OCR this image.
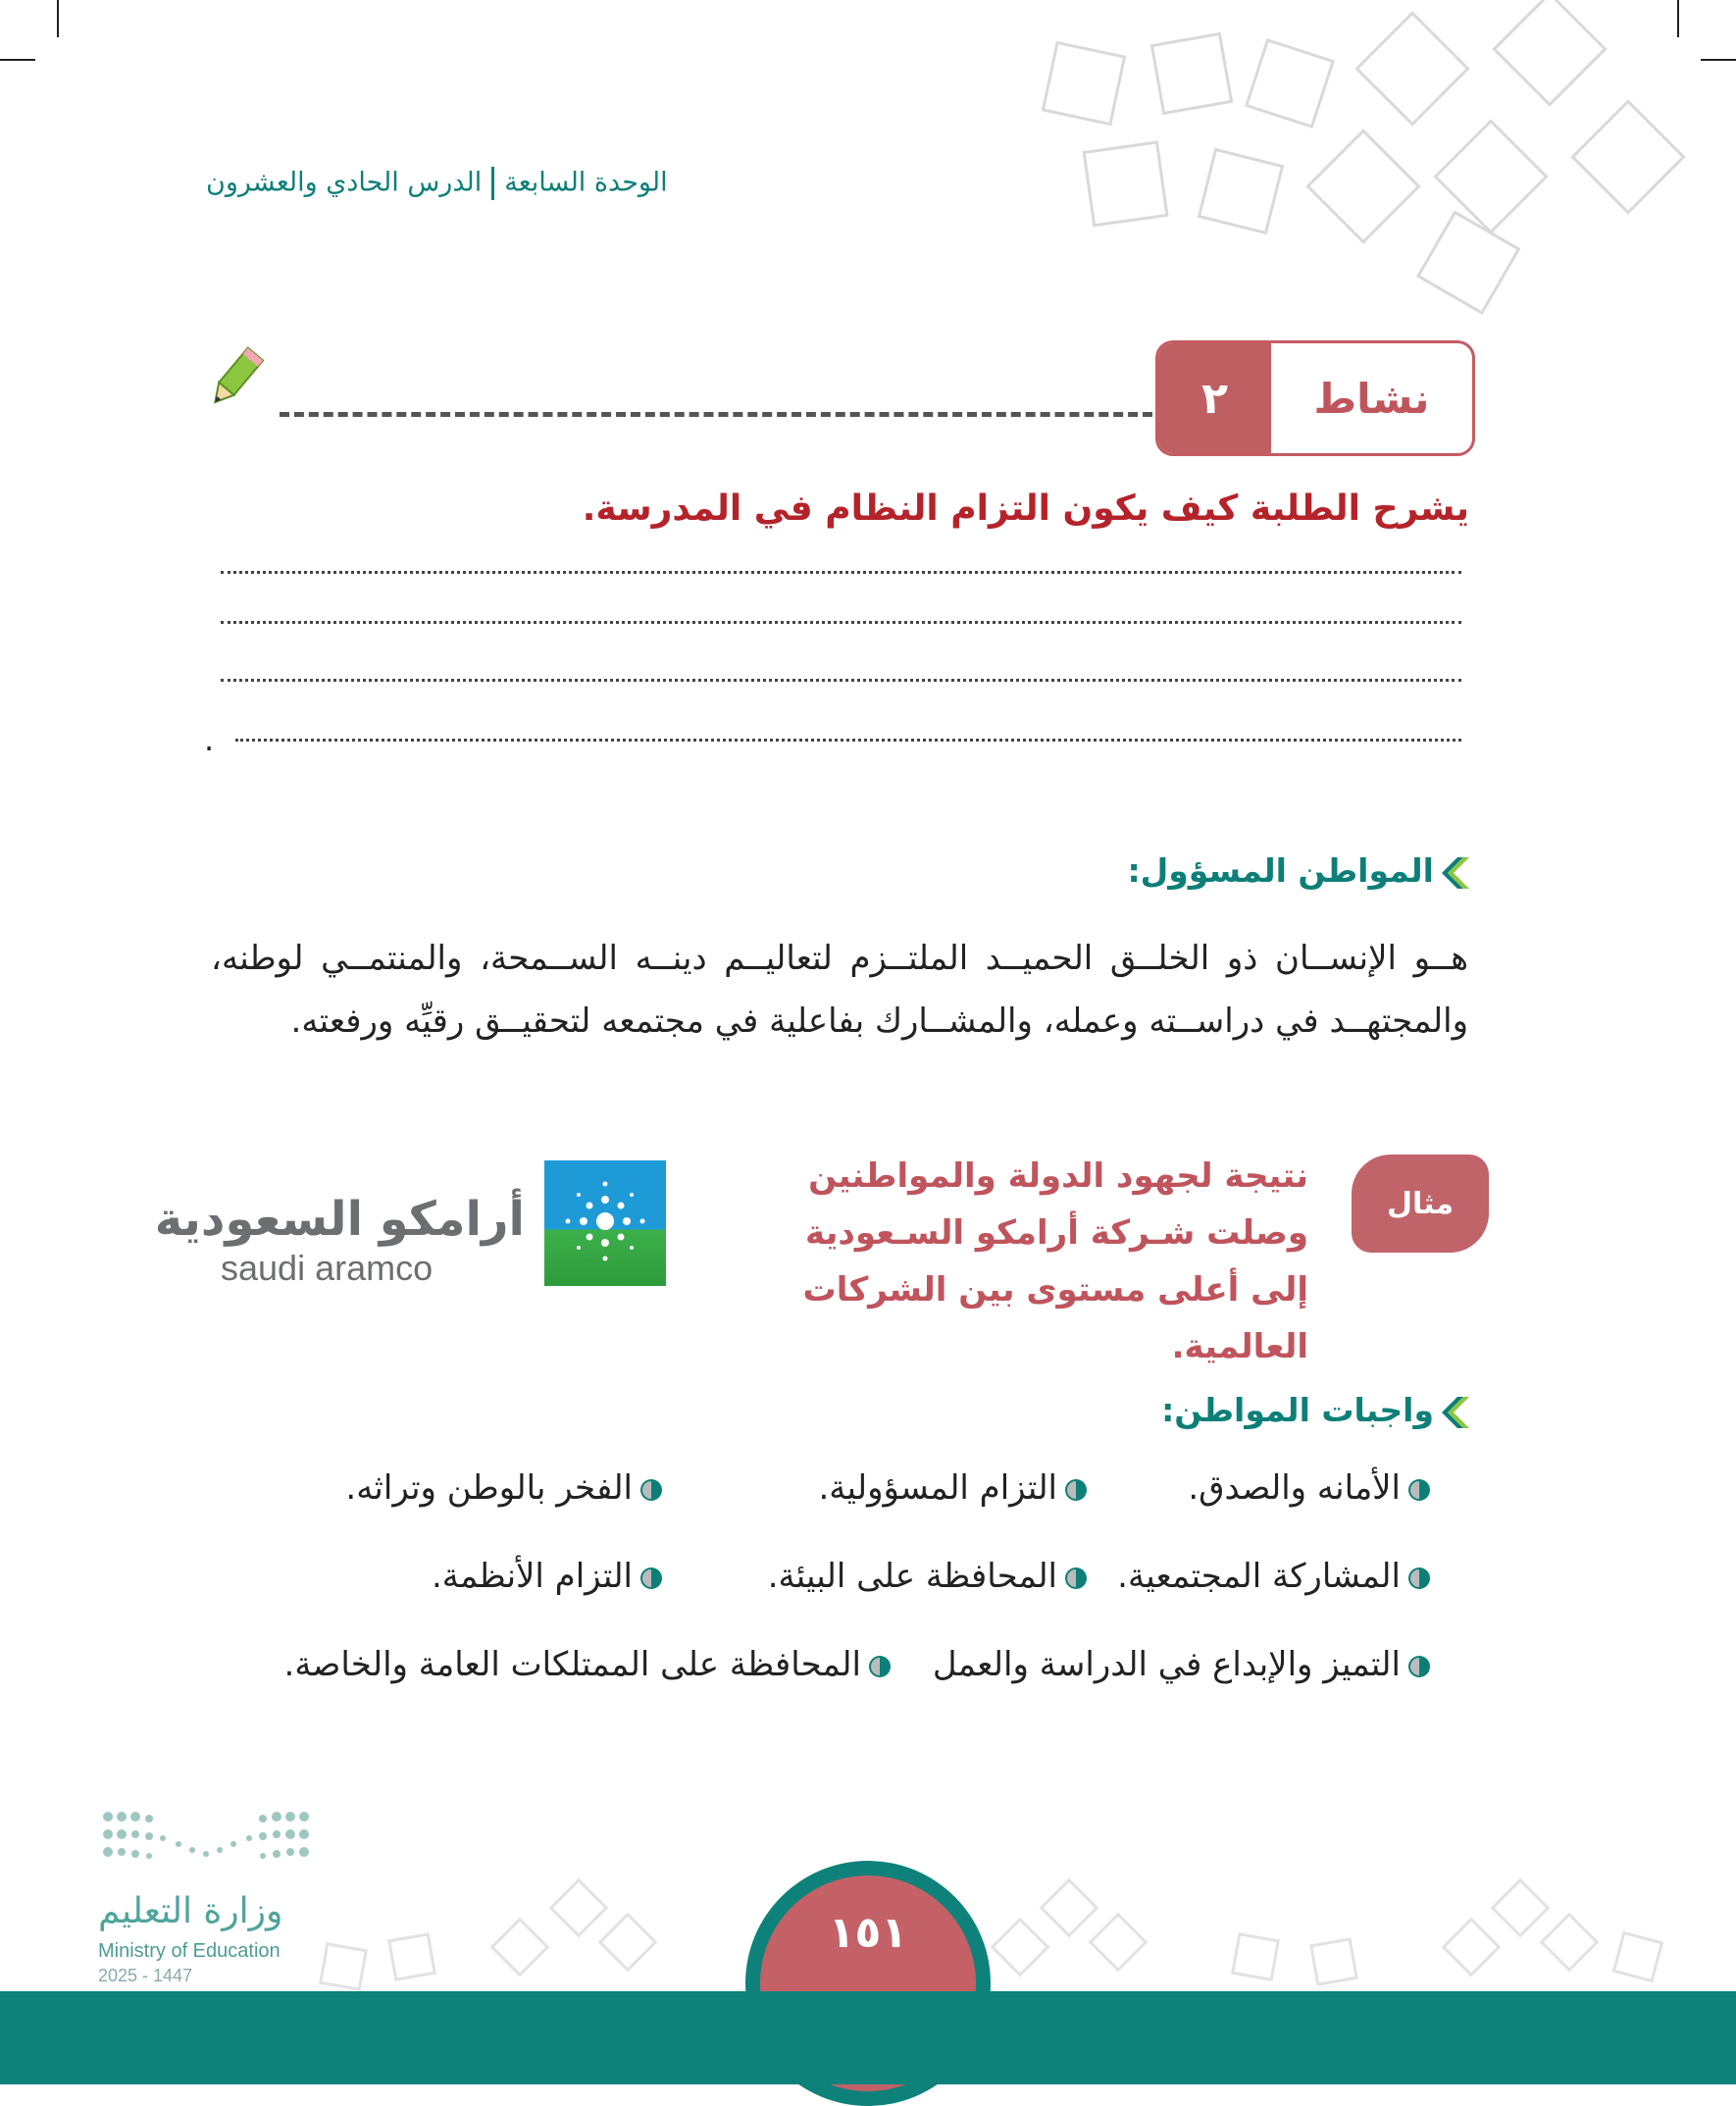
الوحدة السابعةالدرس الحادي والعشرون
نشاط
٢
يشرح الطلبة كيف يكون التزام النظام في المدرسة.
.
المواطن المسؤول:
هــو الإنســان ذو الخلــق الحميــد الملتــزم لتعاليــم دينــه الســمحة، والمنتمــي لوطنه، والمجتهــد في دراســته وعمله، والمشــارك بفاعلية في مجتمعه لتحقيــق رقيِّه ورفعته.
مثال
نتيجة لجهود الدولة والمواطنين وصلت شـركة أرامكو السـعودية إلى أعلى مستوى بين الشركات العالمية.
أرامكو السعودية
saudi aramco
واجبات المواطن:
الأمانه والصدق.
التزام المسؤولية.
الفخر بالوطن وتراثه.
المشاركة المجتمعية.
المحافظة على البيئة.
التزام الأنظمة.
التميز والإبداع في الدراسة والعمل
المحافظة على الممتلكات العامة والخاصة.
١٥١
وزارة التعليم
Ministry of Education
2025 - 1447
